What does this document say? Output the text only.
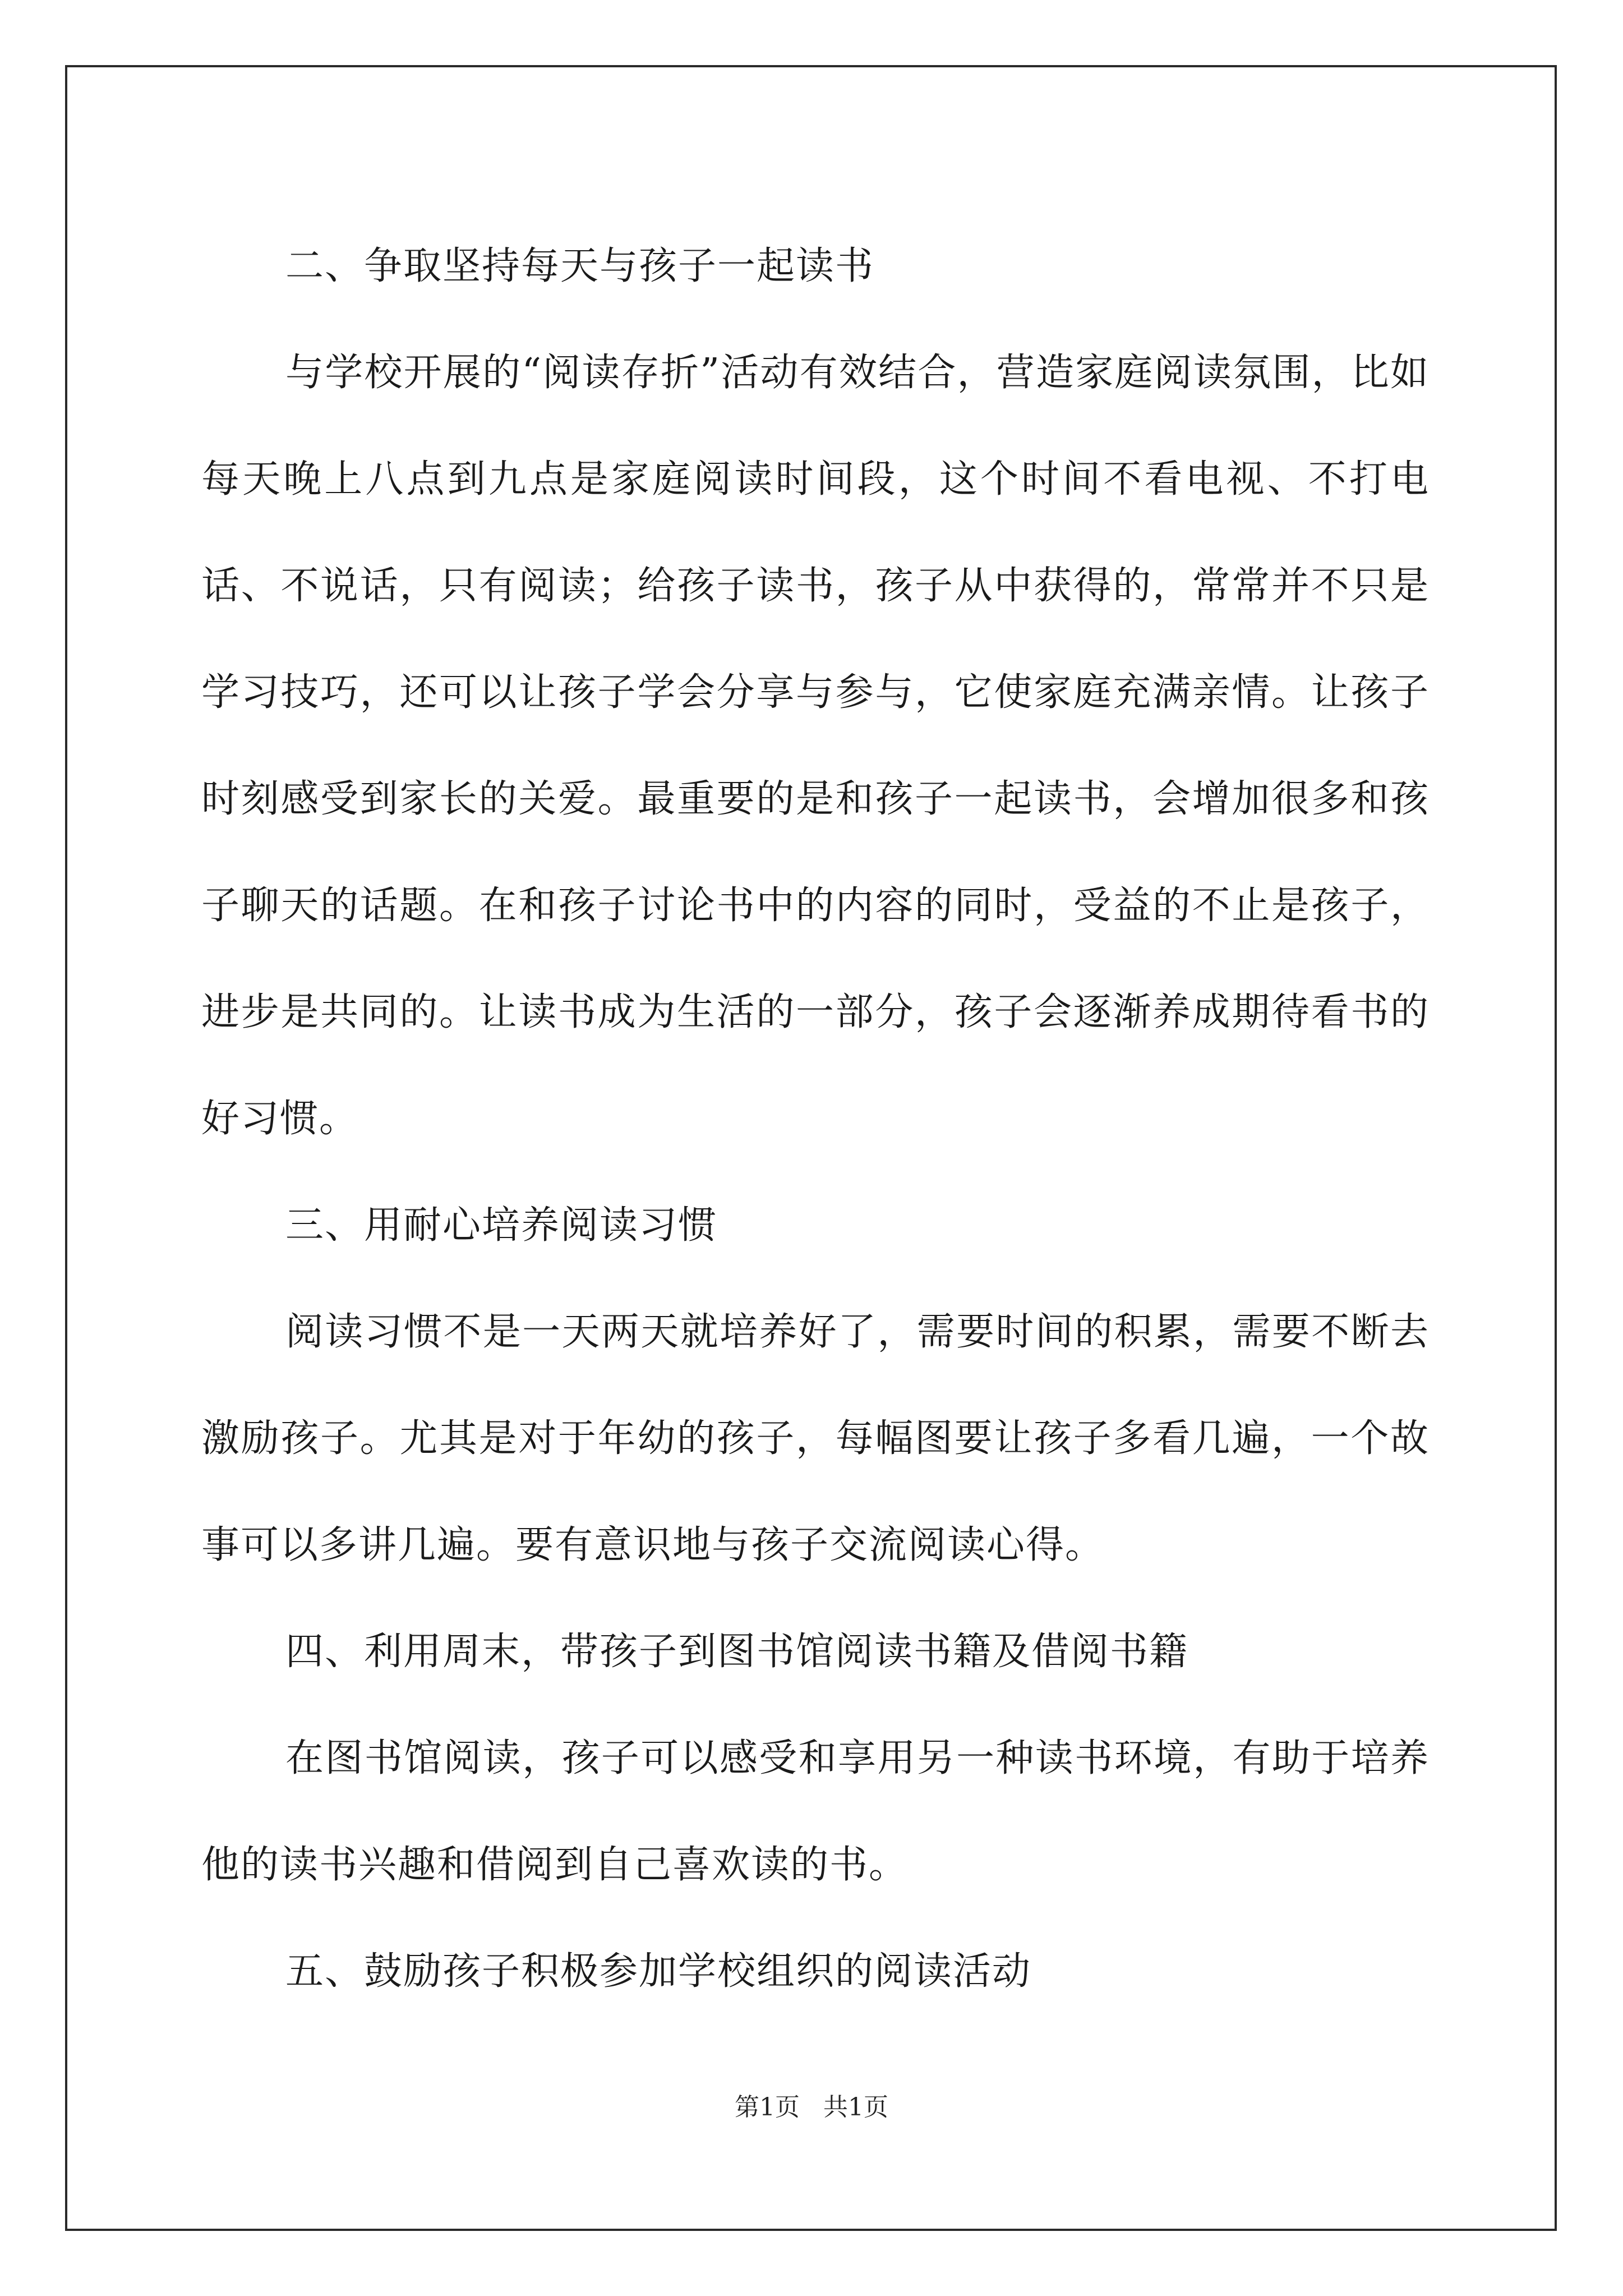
二、争取坚持每天与孩子一起读书

与学校开展的“阅读存折”活动有效结合，营造家庭阅读氛围，比如每天晚上八点到九点是家庭阅读时间段，这个时间不看电视、不打电话、不说话，只有阅读；给孩子读书，孩子从中获得的，常常并不只是学习技巧，还可以让孩子学会分享与参与，它使家庭充满亲情。让孩子时刻感受到家长的关爱。最重要的是和孩子一起读书，会增加很多和孩子聊天的话题。在和孩子讨论书中的内容的同时，受益的不止是孩子，进步是共同的。让读书成为生活的一部分，孩子会逐渐养成期待看书的好习惯。

三、用耐心培养阅读习惯

阅读习惯不是一天两天就培养好了，需要时间的积累，需要不断去激励孩子。尤其是对于年幼的孩子，每幅图要让孩子多看几遍，一个故事可以多讲几遍。要有意识地与孩子交流阅读心得。

四、利用周末，带孩子到图书馆阅读书籍及借阅书籍

在图书馆阅读，孩子可以感受和享用另一种读书环境，有助于培养他的读书兴趣和借阅到自己喜欢读的书。

五、鼓励孩子积极参加学校组织的阅读活动

第1页 共1页
